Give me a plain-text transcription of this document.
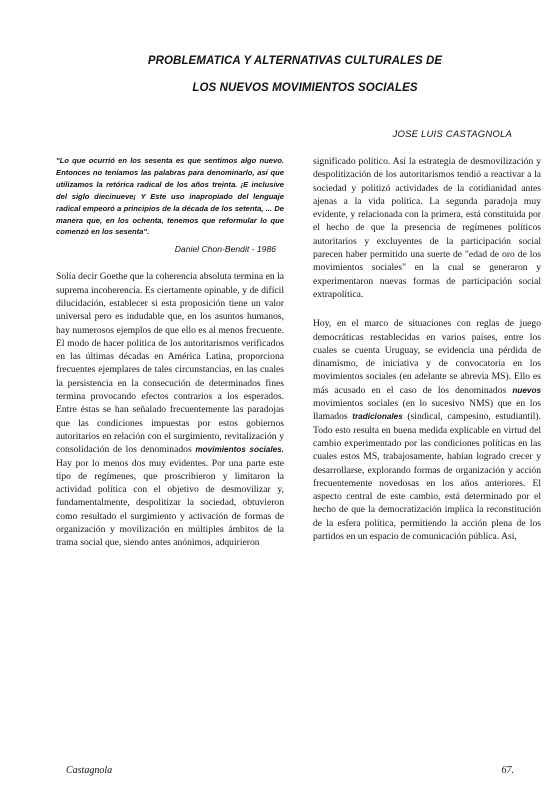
PROBLEMATICA Y ALTERNATIVAS CULTURALES DE
LOS NUEVOS MOVIMIENTOS SOCIALES
JOSE LUIS CASTAGNOLA

"Lo que ocurrió en los sesenta es que sentimos algo nuevo. Entonces no teníamos las palabras para denominarlo, así que utilizamos la retórica radical de los años treinta. ¡E inclusive del siglo diecinueve¡ Y Este uso inapropiado del lenguaje radical empeoró a principios de la década de los setenta, ... De manera que, en los ochenta, tenemos que reformular lo que comenzó en los sesenta".

Daniel Chon-Bendit - 1986

Solía decir Goethe que la coherencia absoluta termina en la suprema incoherencia. Es ciertamente opinable, y de difícil dilucidación, establecer si esta proposición tiene un valor universal pero es indudable que, en los asuntos humanos, hay numerosos ejemplos de que ello es al menos frecuente. El modo de hacer política de los autoritarismos verificados en las últimas décadas en América Latina, proporciona frecuentes ejemplares de tales circunstancias, en las cuales la persistencia en la consecución de determinados fines termina provocando efectos contrarios a los esperados. Entre éstas se han señalado frecuentemente las paradojas que las condiciones impuestas por estos gobiernos autoritarios en relación con el surgimiento, revitalización y consolidación de los denominados movimientos sociales. Hay por lo menos dos muy evidentes. Por una parte este tipo de regímenes, que proscribieron y limitaron la actividad política con el objetivo de desmovilizar y, fundamentalmente, despolitizar la sociedad, obtuvieron como resultado el surgimiento y activación de formas de organización y movilización en múltiples ámbitos de la trama social que, siendo antes anónimos, adquirieron

significado político. Así la estrategia de desmovilización y despolitización de los autoritarismos tendió a reactivar a la sociedad y politizó actividades de la cotidianidad antes ajenas a la vida política. La segunda paradoja muy evidente, y relacionada con la primera, está constituida por el hecho de que la presencia de regímenes políticos autoritarios y excluyentes de la participación social parecen haber permitido una suerte de "edad de oro de los movimientos sociales" en la cual se generaron y experimentaron nuevas formas de participación social extrapolítica.

Hoy, en el marco de situaciones con reglas de juego democráticas restablecidas en varios países, entre los cuales se cuenta Uruguay, se evidencia una pérdida de dinamismo, de iniciativa y de convocatoria en los movimientos sociales (en adelante se abrevia MS). Ello es más acusado en el caso de los denominados nuevos movimientos sociales (en lo sucesivo NMS) que en los llamados tradicionales (sindical, campesino, estudiantil). Todo esto resulta en buena medida explicable en virtud del cambio experimentado por las condiciones políticas en las cuales estos MS, trabajosamente, habían logrado crecer y desarrollarse, explorando formas de organización y acción frecuentemente novedosas en los años anteriores. El aspecto central de este cambio, está determinado por el hecho de que la democratización implica la reconstitución de la esfera política, permitiendo la acción plena de los partidos en un espacio de comunicación pública. Así,

Castagnola	67.
